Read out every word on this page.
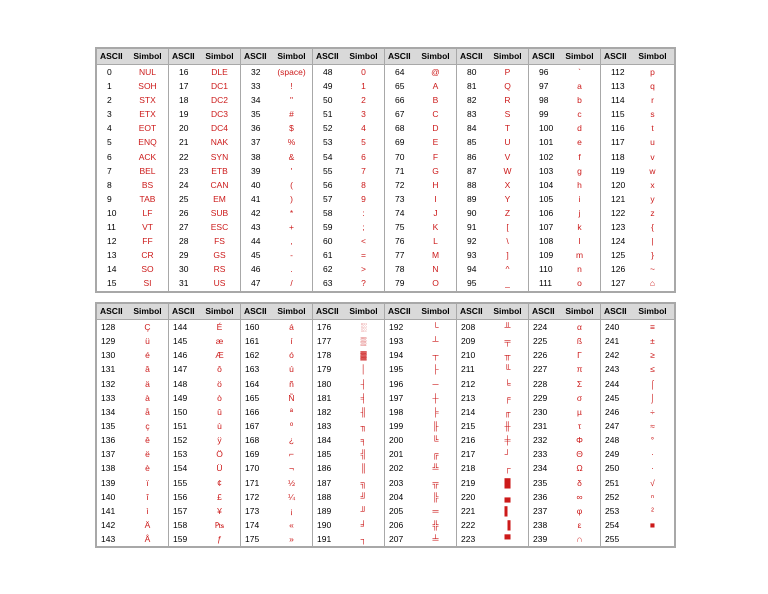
ASCII	Simbol
0	NUL
1	SOH
2	STX
3	ETX
4	EOT
5	ENQ
6	ACK
7	BEL
8	BS
9	TAB
10	LF
11	VT
12	FF
13	CR
14	SO
15	SI
ASCII	Simbol
16	DLE
17	DC1
18	DC2
19	DC3
20	DC4
21	NAK
22	SYN
23	ETB
24	CAN
25	EM
26	SUB
27	ESC
28	FS
29	GS
30	RS
31	US
ASCII	Simbol
32	(space)
33	!
34	"
35	#
36	$
37	%
38	&
39	'
40	(
41	)
42	*
43	+
44	,
45	-
46	.
47	/
ASCII	Simbol
48	0
49	1
50	2
51	3
52	4
53	5
54	6
55	7
56	8
57	9
58	:
59	;
60	<
61	=
62	>
63	?
ASCII	Simbol
64	@
65	A
66	B
67	C
68	D
69	E
70	F
71	G
72	H
73	I
74	J
75	K
76	L
77	M
78	N
79	O
ASCII	Simbol
80	P
81	Q
82	R
83	S
84	T
85	U
86	V
87	W
88	X
89	Y
90	Z
91	[
92	\
93	]
94	^
95	_
ASCII	Simbol
96	`
97	a
98	b
99	c
100	d
101	e
102	f
103	g
104	h
105	i
106	j
107	k
108	l
109	m
110	n
111	o
ASCII	Simbol
112	p
113	q
114	r
115	s
116	t
117	u
118	v
119	w
120	x
121	y
122	z
123	{
124	|
125	}
126	~
127	⌂
ASCII	Simbol
128	Ç
129	ü
130	é
131	â
132	ä
133	à
134	å
135	ç
136	ê
137	ë
138	è
139	ï
140	î
141	ì
142	Ä
143	Å
ASCII	Simbol
144	É
145	æ
146	Æ
147	ô
148	ö
149	ò
150	û
151	ù
152	ÿ
153	Ö
154	Ü
155	¢
156	£
157	¥
158	₧
159	ƒ
ASCII	Simbol
160	á
161	í
162	ó
163	ú
164	ñ
165	Ñ
166	ª
167	º
168	¿
169	⌐
170	¬
171	½
172	¼
173	¡
174	«
175	»
ASCII	Simbol
176	░
177	▒
178	▓
179	│
180	┤
181	╡
182	╢
183	╖
184	╕
185	╣
186	║
187	╗
188	╝
189	╜
190	╛
191	┐
ASCII	Simbol
192	└
193	┴
194	┬
195	├
196	─
197	┼
198	╞
199	╟
200	╚
201	╔
202	╩
203	╦
204	╠
205	═
206	╬
207	╧
ASCII	Simbol
208	╨
209	╤
210	╥
211	╙
212	╘
213	╒
214	╓
215	╫
216	╪
217	┘
218	┌
219	█
220	▄
221	▌
222	▐
223	▀
ASCII	Simbol
224	α
225	ß
226	Γ
227	π
228	Σ
229	σ
230	µ
231	τ
232	Φ
233	Θ
234	Ω
235	δ
236	∞
237	φ
238	ε
239	∩
ASCII	Simbol
240	≡
241	±
242	≥
243	≤
244	⌠
245	⌡
246	÷
247	≈
248	°
249	∙
250	·
251	√
252	ⁿ
253	²
254	■
255
